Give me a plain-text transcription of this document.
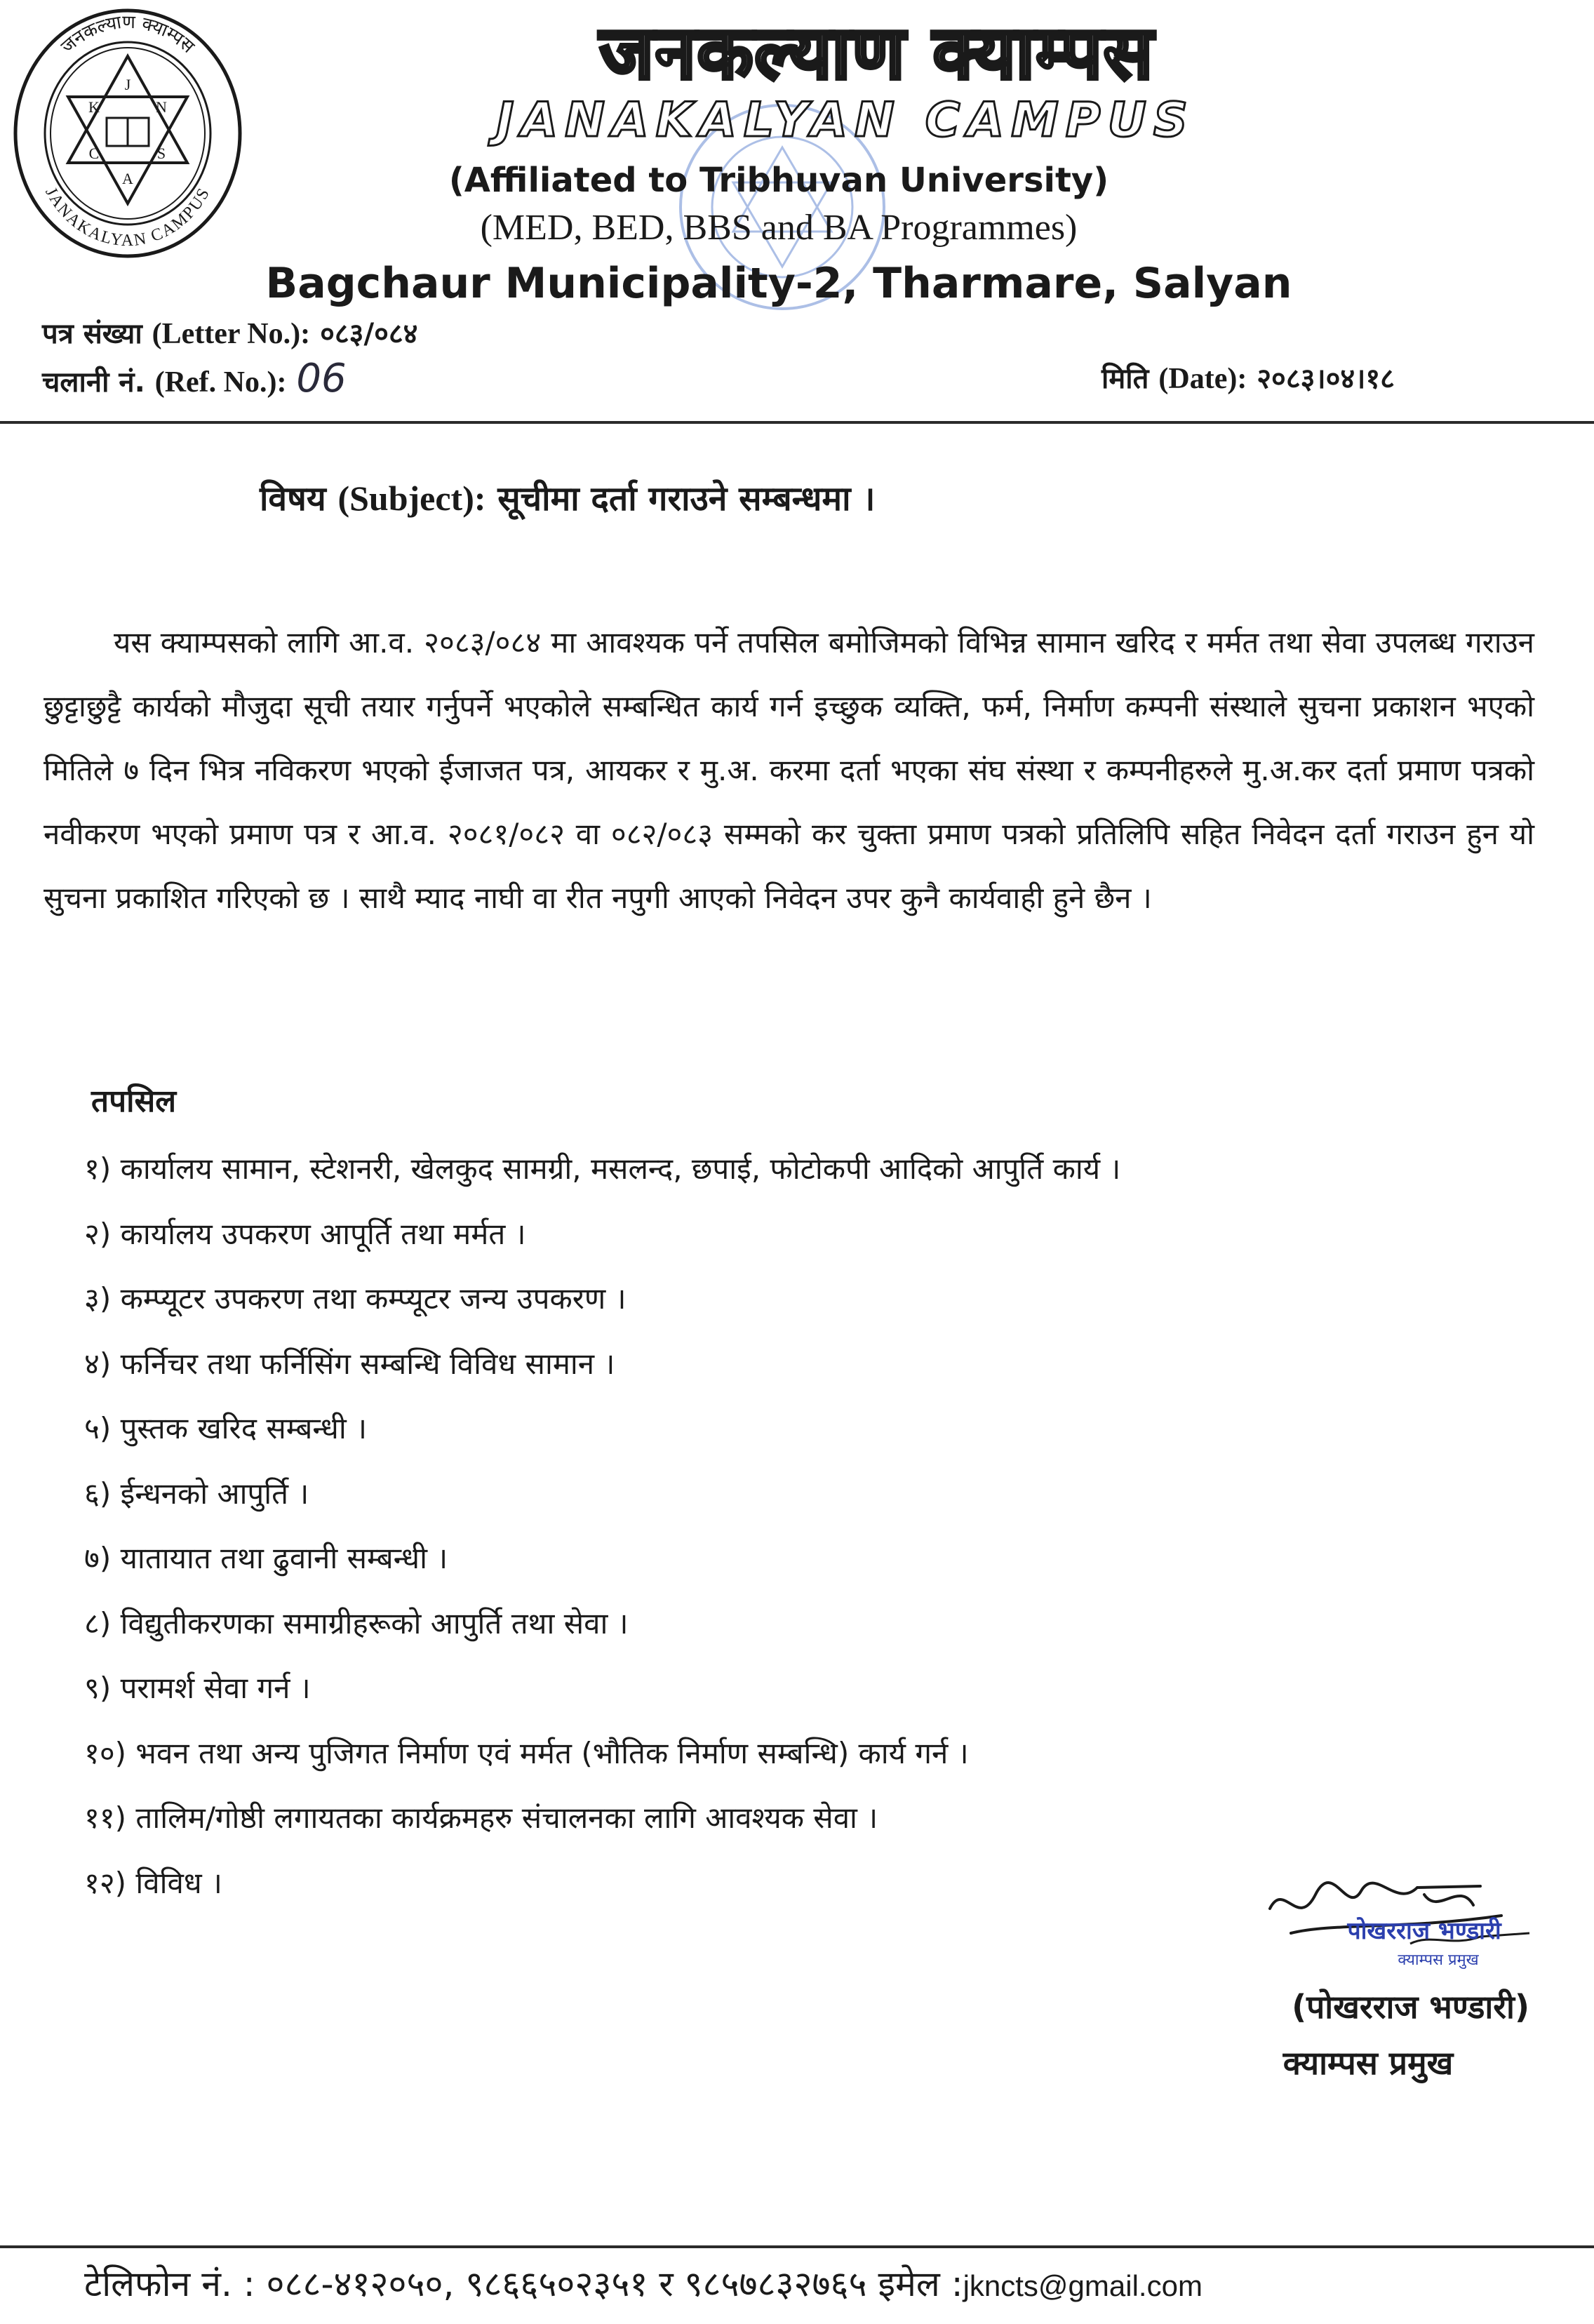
J
K
C
A
S
N
जनकल्याण क्याम्पस
JANAKALYAN CAMPUS
जनकल्याण क्याम्पस
JANAKALYAN CAMPUS
(Affiliated to Tribhuvan University)
(MED, BED, BBS and BA Programmes)
Bagchaur Municipality-2, Tharmare, Salyan
पत्र संख्या (Letter No.): ०८३/०८४
चलानी नं. (Ref. No.): 06	मिति (Date): २०८३।०४।१८
विषय (Subject): सूचीमा दर्ता गराउने सम्बन्धमा ।
यस क्याम्पसको लागि आ.व. २०८३/०८४ मा आवश्यक पर्ने तपसिल बमोजिमको विभिन्न सामान खरिद र मर्मत तथा सेवा उपलब्ध गराउन छुट्टाछुट्टै कार्यको मौजुदा सूची तयार गर्नुपर्ने भएकोले सम्बन्धित कार्य गर्न इच्छुक व्यक्ति, फर्म, निर्माण कम्पनी संस्थाले सुचना प्रकाशन भएको मितिले ७ दिन भित्र नविकरण भएको ईजाजत पत्र, आयकर र मु.अ. करमा दर्ता भएका संघ संस्था र कम्पनीहरुले मु.अ.कर दर्ता प्रमाण पत्रको नवीकरण भएको प्रमाण पत्र र आ.व. २०८१/०८२ वा ०८२/०८३ सम्मको कर चुक्ता प्रमाण पत्रको प्रतिलिपि सहित निवेदन दर्ता गराउन हुन यो सुचना प्रकाशित गरिएको छ । साथै म्याद नाघी वा रीत नपुगी आएको निवेदन उपर कुनै कार्यवाही हुने छैन ।
तपसिल
१) कार्यालय सामान, स्टेशनरी, खेलकुद सामग्री, मसलन्द, छपाई, फोटोकपी आदिको आपुर्ति कार्य ।
२) कार्यालय उपकरण आपूर्ति तथा मर्मत ।
३) कम्प्यूटर उपकरण तथा कम्प्यूटर जन्य उपकरण ।
४) फर्निचर तथा फर्निसिंग सम्बन्धि विविध सामान ।
५) पुस्तक खरिद सम्बन्धी ।
६) ईन्धनको आपुर्ति ।
७) यातायात तथा ढुवानी सम्बन्धी ।
८) विद्युतीकरणका समाग्रीहरूको आपुर्ति तथा सेवा ।
९) परामर्श सेवा गर्न ।
१०) भवन तथा अन्य पुजिगत निर्माण एवं मर्मत (भौतिक निर्माण सम्बन्धि) कार्य गर्न ।
११) तालिम/गोष्ठी लगायतका कार्यक्रमहरु संचालनका लागि आवश्यक सेवा ।
१२) विविध ।
पोखरराज भण्डारी
क्याम्पस प्रमुख
(पोखरराज भण्डारी)
क्याम्पस प्रमुख
टेलिफोन नं. : ०८८-४१२०५०, ९८६६५०२३५१ र ९८५७८३२७६५ इमेल :jkncts@gmail.com
